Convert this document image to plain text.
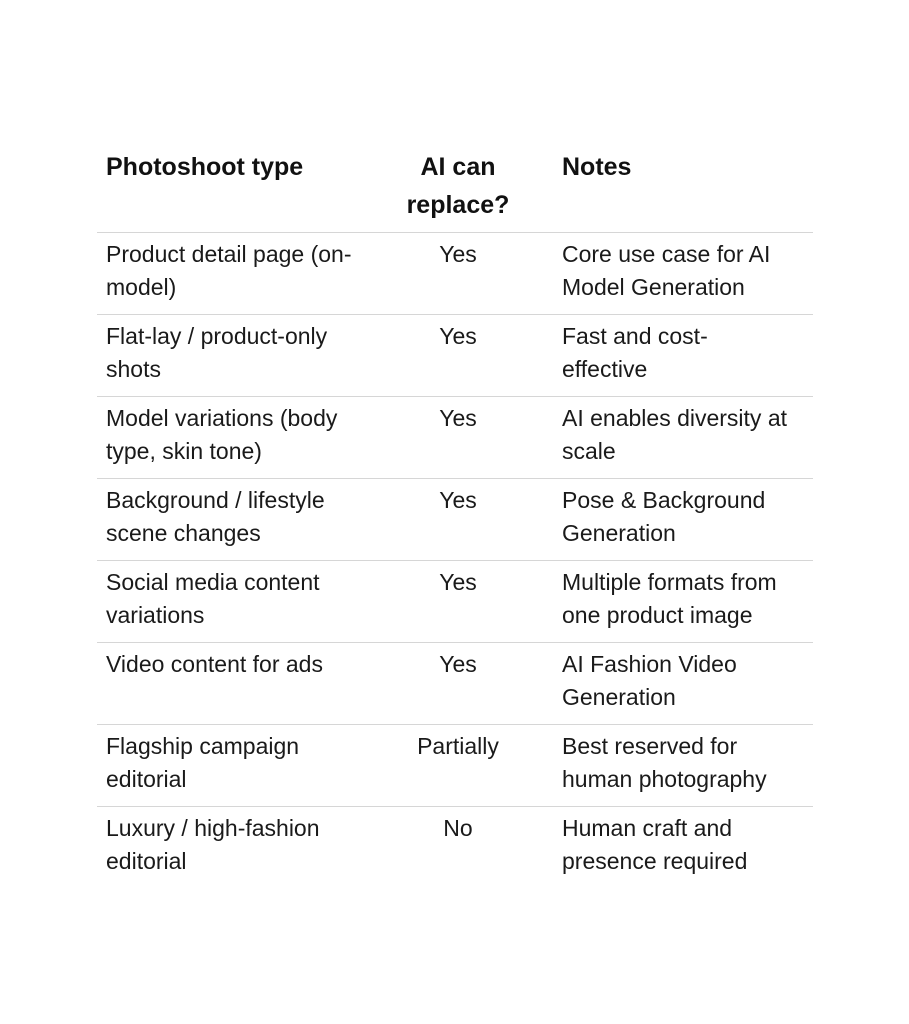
Photoshoot type	AI can replace?	Notes
Product detail page (on-model)	Yes	Core use case for AI Model Generation
Flat-lay / product-only shots	Yes	Fast and cost-effective
Model variations (body type, skin tone)	Yes	AI enables diversity at scale
Background / lifestyle scene changes	Yes	Pose & Background Generation
Social media content variations	Yes	Multiple formats from one product image
Video content for ads	Yes	AI Fashion Video Generation
Flagship campaign editorial	Partially	Best reserved for human photography
Luxury / high-fashion editorial	No	Human craft and presence required
